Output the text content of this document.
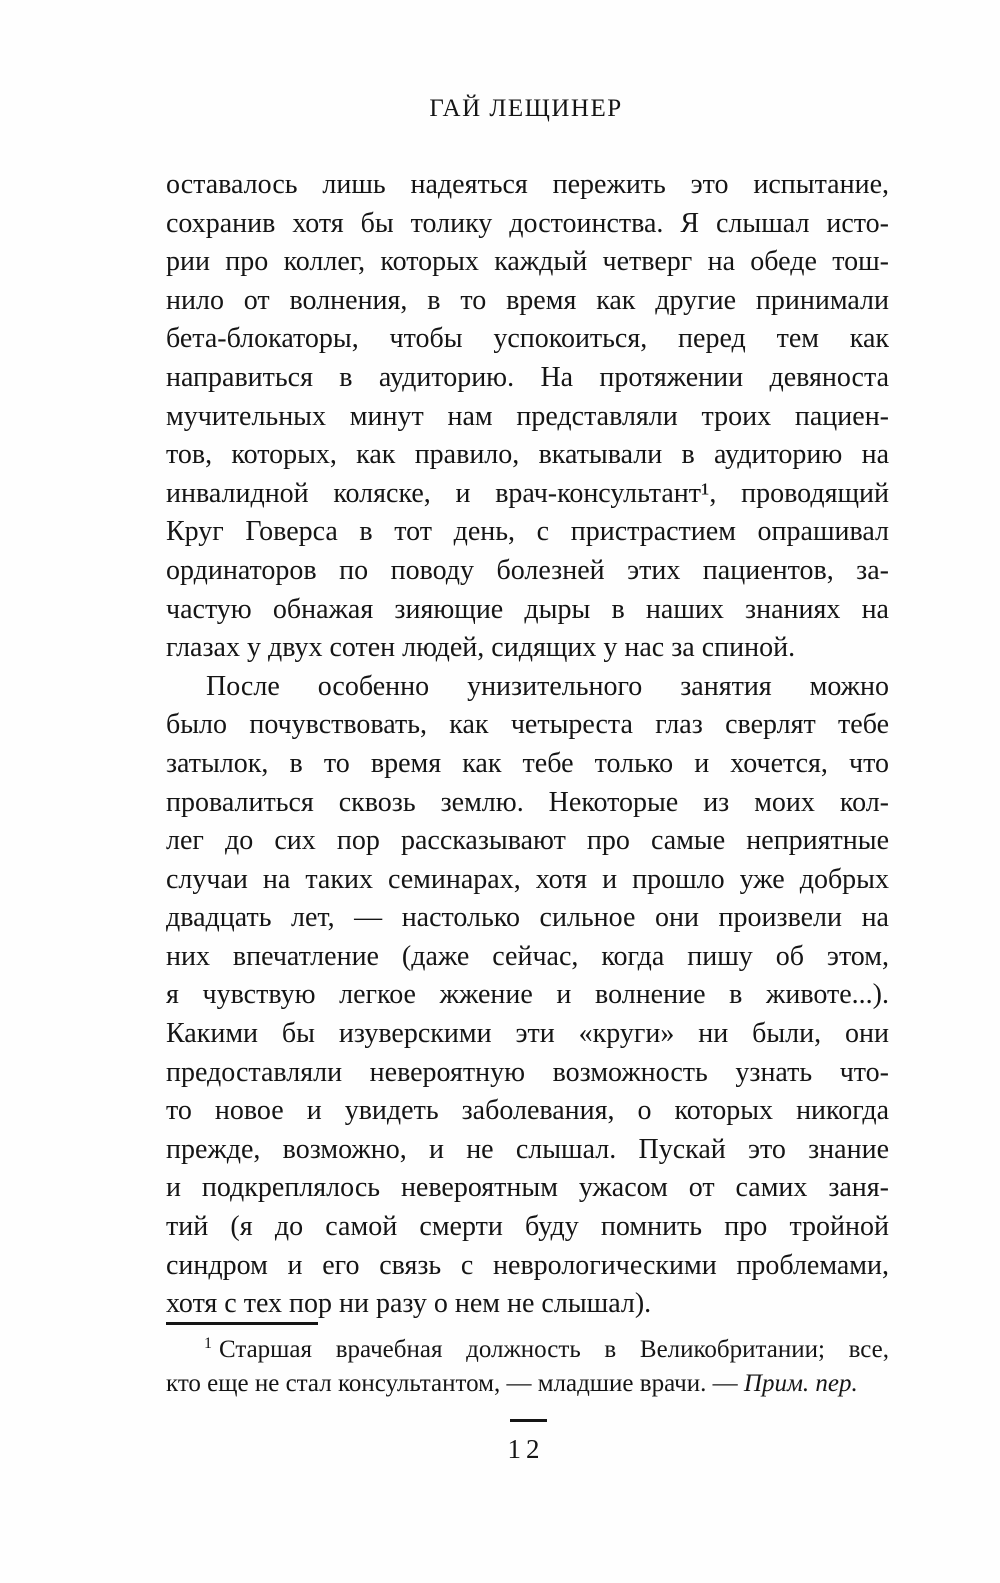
ГАЙ ЛЕЩИНЕР
оставалось лишь надеяться пережить это испытание,
сохранив хотя бы толику достоинства. Я слышал исто-
рии про коллег, которых каждый четверг на обеде тош-
нило от волнения, в то время как другие принимали
бета-блокаторы, чтобы успокоиться, перед тем как
направиться в аудиторию. На протяжении девяноста
мучительных минут нам представляли троих пациен-
тов, которых, как правило, вкатывали в аудиторию на
инвалидной коляске, и врач-консультант¹, проводящий
Круг Говерса в тот день, с пристрастием опрашивал
ординаторов по поводу болезней этих пациентов, за-
частую обнажая зияющие дыры в наших знаниях на
глазах у двух сотен людей, сидящих у нас за спиной.
После особенно унизительного занятия можно
было почувствовать, как четыреста глаз сверлят тебе
затылок, в то время как тебе только и хочется, что
провалиться сквозь землю. Некоторые из моих кол-
лег до сих пор рассказывают про самые неприятные
случаи на таких семинарах, хотя и прошло уже добрых
двадцать лет, — настолько сильное они произвели на
них впечатление (даже сейчас, когда пишу об этом,
я чувствую легкое жжение и волнение в животе...).
Какими бы изуверскими эти «круги» ни были, они
предоставляли невероятную возможность узнать что-
то новое и увидеть заболевания, о которых никогда
прежде, возможно, и не слышал. Пускай это знание
и подкреплялось невероятным ужасом от самих заня-
тий (я до самой смерти буду помнить про тройной
синдром и его связь с неврологическими проблемами,
хотя с тех пор ни разу о нем не слышал).
$^1$ Старшая врачебная должность в Великобритании; все,
кто еще не стал консультантом, — младшие врачи. — Прим. пер.
12
